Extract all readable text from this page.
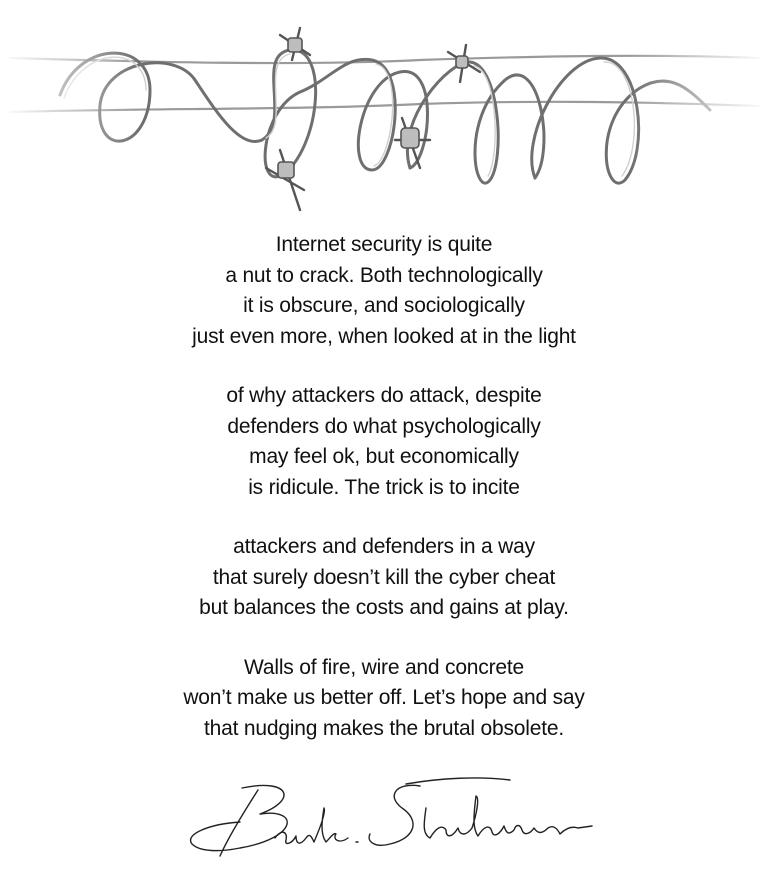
Internet security is quite
a nut to crack. Both technologically
it is obscure, and sociologically
just even more, when looked at in the light
of why attackers do attack, despite
defenders do what psychologically
may feel ok, but economically
is ridicule. The trick is to incite
attackers and defenders in a way
that surely doesn’t kill the cyber cheat
but balances the costs and gains at play.
Walls of fire, wire and concrete
won’t make us better off. Let’s hope and say
that nudging makes the brutal obsolete.
